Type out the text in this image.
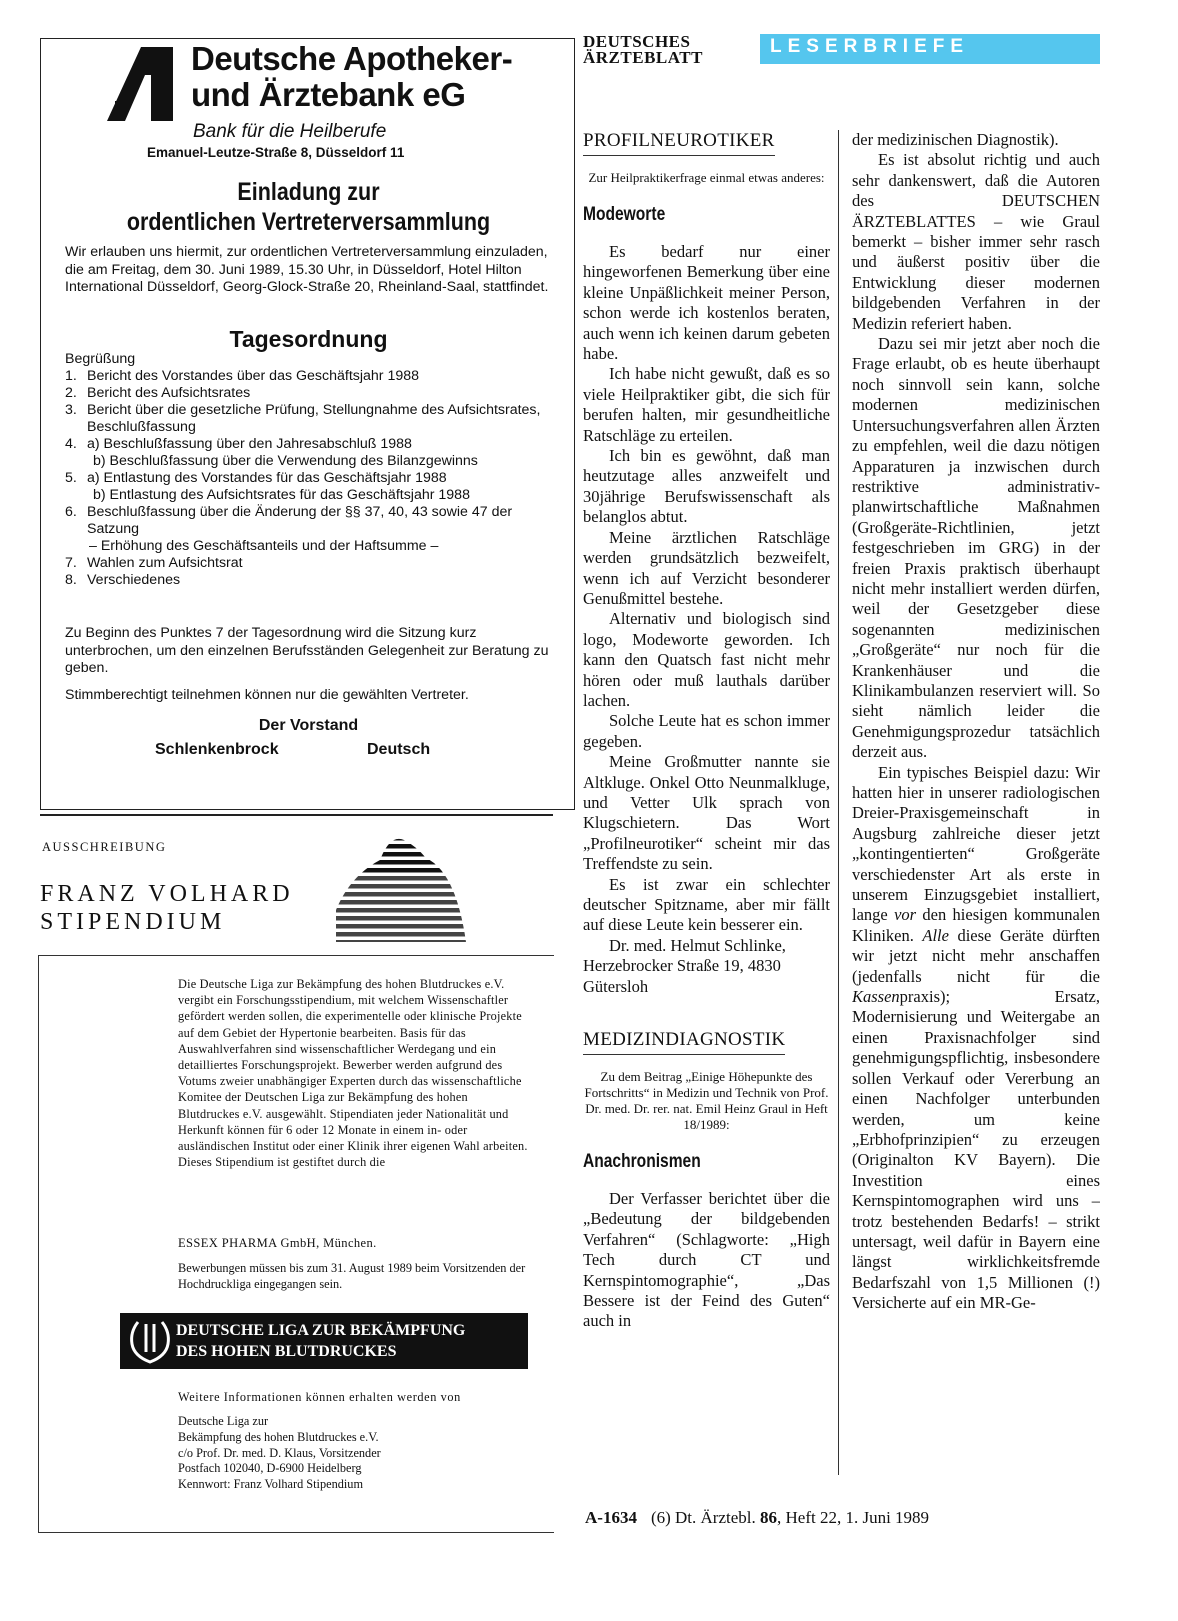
Deutsche Apotheker-
und Ärztebank eG
Bank für die Heilberufe
Emanuel-Leutze-Straße 8, Düsseldorf 11
Einladung zur
ordentlichen Vertreterversammlung
Wir erlauben uns hiermit, zur ordentlichen Vertreterversammlung einzuladen, die am Freitag, dem 30. Juni 1989, 15.30 Uhr, in Düsseldorf, Hotel Hilton International Düsseldorf, Georg-Glock-Straße 20, Rheinland-Saal, stattfindet.
Tagesordnung
Begrüßung
1. Bericht des Vorstandes über das Geschäftsjahr 1988
2. Bericht des Aufsichtsrates
3. Bericht über die gesetzliche Prüfung, Stellungnahme des Aufsichtsrates, Beschlußfassung
4. a) Beschlußfassung über den Jahresabschluß 1988
b) Beschlußfassung über die Verwendung des Bilanzgewinns
5. a) Entlastung des Vorstandes für das Geschäftsjahr 1988
b) Entlastung des Aufsichtsrates für das Geschäftsjahr 1988
6. Beschlußfassung über die Änderung der §§ 37, 40, 43 sowie 47 der Satzung
– Erhöhung des Geschäftsanteils und der Haftsumme –
7. Wahlen zum Aufsichtsrat
8. Verschiedenes
Zu Beginn des Punktes 7 der Tagesordnung wird die Sitzung kurz unterbrochen, um den einzelnen Berufsständen Gelegenheit zur Beratung zu geben.
Stimmberechtigt teilnehmen können nur die gewählten Vertreter.
Der Vorstand
Schlenkenbrock	Deutsch
AUSSCHREIBUNG
FRANZ VOLHARD
STIPENDIUM
Die Deutsche Liga zur Bekämpfung des hohen Blutdruckes e.V. vergibt ein Forschungsstipendium, mit welchem Wissenschaftler gefördert werden sollen, die experimentelle oder klinische Projekte auf dem Gebiet der Hypertonie bearbeiten. Basis für das Auswahlverfahren sind wissenschaftlicher Werdegang und ein detailliertes Forschungsprojekt. Bewerber werden aufgrund des Votums zweier unabhängiger Experten durch das wissenschaftliche Komitee der Deutschen Liga zur Bekämpfung des hohen Blutdruckes e.V. ausgewählt. Stipendiaten jeder Nationalität und Herkunft können für 6 oder 12 Monate in einem in- oder ausländischen Institut oder einer Klinik ihrer eigenen Wahl arbeiten. Dieses Stipendium ist gestiftet durch die
ESSEX PHARMA GmbH, München.
Bewerbungen müssen bis zum 31. August 1989 beim Vorsitzenden der Hochdruckliga eingegangen sein.
DEUTSCHE LIGA ZUR BEKÄMPFUNG
DES HOHEN BLUTDRUCKES
Weitere Informationen können erhalten werden von
Deutsche Liga zur
Bekämpfung des hohen Blutdruckes e.V.
c/o Prof. Dr. med. D. Klaus, Vorsitzender
Postfach 102040, D-6900 Heidelberg
Kennwort: Franz Volhard Stipendium
DEUTSCHES
ÄRZTEBLATT
LESERBRIEFE
PROFILNEUROTIKER
Zur Heilpraktikerfrage einmal etwas anderes:
Modeworte
Es bedarf nur einer hingeworfenen Bemerkung über eine kleine Unpäßlichkeit meiner Person, schon werde ich kostenlos beraten, auch wenn ich keinen darum gebeten habe.
Ich habe nicht gewußt, daß es so viele Heilpraktiker gibt, die sich für berufen halten, mir gesundheitliche Ratschläge zu erteilen.
Ich bin es gewöhnt, daß man heutzutage alles anzweifelt und 30jährige Berufswissenschaft als belanglos abtut.
Meine ärztlichen Ratschläge werden grundsätzlich bezweifelt, wenn ich auf Verzicht besonderer Genußmittel bestehe.
Alternativ und biologisch sind logo, Modeworte geworden. Ich kann den Quatsch fast nicht mehr hören oder muß lauthals darüber lachen.
Solche Leute hat es schon immer gegeben.
Meine Großmutter nannte sie Altkluge. Onkel Otto Neunmalkluge, und Vetter Ulk sprach von Klugschietern. Das Wort „Profilneurotiker“ scheint mir das Treffendste zu sein.
Es ist zwar ein schlechter deutscher Spitzname, aber mir fällt auf diese Leute kein besserer ein.
Dr. med. Helmut Schlinke, Herzebrocker Straße 19, 4830 Gütersloh
MEDIZINDIAGNOSTIK
Zu dem Beitrag „Einige Höhepunkte des Fortschritts“ in Medizin und Technik von Prof. Dr. med. Dr. rer. nat. Emil Heinz Graul in Heft 18/1989:
Anachronismen
Der Verfasser berichtet über die „Bedeutung der bildgebenden Verfahren“ (Schlagworte: „High Tech durch CT und Kernspintomographie“, „Das Bessere ist der Feind des Guten“ auch in
der medizinischen Diagnostik).
Es ist absolut richtig und auch sehr dankenswert, daß die Autoren des DEUTSCHEN ÄRZTEBLATTES – wie Graul bemerkt – bisher immer sehr rasch und äußerst positiv über die Entwicklung dieser modernen bildgebenden Verfahren in der Medizin referiert haben.
Dazu sei mir jetzt aber noch die Frage erlaubt, ob es heute überhaupt noch sinnvoll sein kann, solche modernen medizinischen Untersuchungsverfahren allen Ärzten zu empfehlen, weil die dazu nötigen Apparaturen ja inzwischen durch restriktive administrativ-planwirtschaftliche Maßnahmen (Großgeräte-Richtlinien, jetzt festgeschrieben im GRG) in der freien Praxis praktisch überhaupt nicht mehr installiert werden dürfen, weil der Gesetzgeber diese sogenannten medizinischen „Großgeräte“ nur noch für die Krankenhäuser und die Klinikambulanzen reserviert will. So sieht nämlich leider die Genehmigungsprozedur tatsächlich derzeit aus.
Ein typisches Beispiel dazu: Wir hatten hier in unserer radiologischen Dreier-Praxisgemeinschaft in Augsburg zahlreiche dieser jetzt „kontingentierten“ Großgeräte verschiedenster Art als erste in unserem Einzugsgebiet installiert, lange vor den hiesigen kommunalen Kliniken. Alle diese Geräte dürften wir jetzt nicht mehr anschaffen (jedenfalls nicht für die Kassenpraxis); Ersatz, Modernisierung und Weitergabe an einen Praxisnachfolger sind genehmigungspflichtig, insbesondere sollen Verkauf oder Vererbung an einen Nachfolger unterbunden werden, um keine „Erbhofprinzipien“ zu erzeugen (Originalton KV Bayern). Die Investition eines Kernspintomographen wird uns – trotz bestehenden Bedarfs! – strikt untersagt, weil dafür in Bayern eine längst wirklichkeitsfremde Bedarfszahl von 1,5 Millionen (!) Versicherte auf ein MR-Ge-
A-1634 (6) Dt. Ärztebl. 86, Heft 22, 1. Juni 1989
